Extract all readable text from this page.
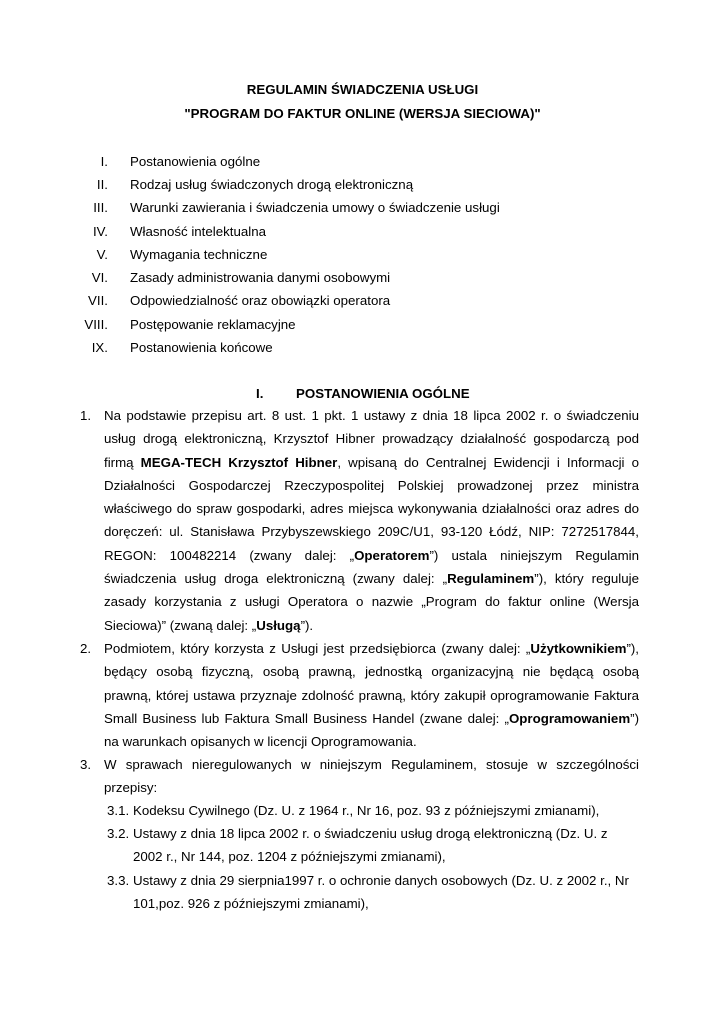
REGULAMIN ŚWIADCZENIA USŁUGI
"PROGRAM DO FAKTUR ONLINE (WERSJA SIECIOWA)"
I. Postanowienia ogólne
II. Rodzaj usług świadczonych drogą elektroniczną
III. Warunki zawierania i świadczenia umowy o świadczenie usługi
IV. Własność intelektualna
V. Wymagania techniczne
VI. Zasady administrowania danymi osobowymi
VII. Odpowiedzialność oraz obowiązki operatora
VIII. Postępowanie reklamacyjne
IX. Postanowienia końcowe
I. POSTANOWIENIA OGÓLNE
1. Na podstawie przepisu art. 8 ust. 1 pkt. 1 ustawy z dnia 18 lipca 2002 r. o świadczeniu usług drogą elektroniczną, Krzysztof Hibner prowadzący działalność gospodarczą pod firmą MEGA-TECH Krzysztof Hibner, wpisaną do Centralnej Ewidencji i Informacji o Działalności Gospodarczej Rzeczypospolitej Polskiej prowadzonej przez ministra właściwego do spraw gospodarki, adres miejsca wykonywania działalności oraz adres do doręczeń: ul. Stanisława Przybyszewskiego 209C/U1, 93-120 Łódź, NIP: 7272517844, REGON: 100482214 (zwany dalej: „Operatorem”) ustala niniejszym Regulamin świadczenia usług droga elektroniczną (zwany dalej: „Regulaminem”), który reguluje zasady korzystania z usługi Operatora o nazwie „Program do faktur online (Wersja Sieciowa)” (zwaną dalej: „Usługą”).
2. Podmiotem, który korzysta z Usługi jest przedsiębiorca (zwany dalej: „Użytkownikiem”), będący osobą fizyczną, osobą prawną, jednostką organizacyjną nie będącą osobą prawną, której ustawa przyznaje zdolność prawną, który zakupił oprogramowanie Faktura Small Business lub Faktura Small Business Handel (zwane dalej: „Oprogramowaniem”) na warunkach opisanych w licencji Oprogramowania.
3. W sprawach nieregulowanych w niniejszym Regulaminem, stosuje w szczególności przepisy:
3.1. Kodeksu Cywilnego (Dz. U. z 1964 r., Nr 16, poz. 93 z późniejszymi zmianami),
3.2. Ustawy z dnia 18 lipca 2002 r. o świadczeniu usług drogą elektroniczną (Dz. U. z 2002 r., Nr 144, poz. 1204 z późniejszymi zmianami),
3.3. Ustawy z dnia 29 sierpnia1997 r. o ochronie danych osobowych (Dz. U. z 2002 r., Nr 101,poz. 926 z późniejszymi zmianami),
